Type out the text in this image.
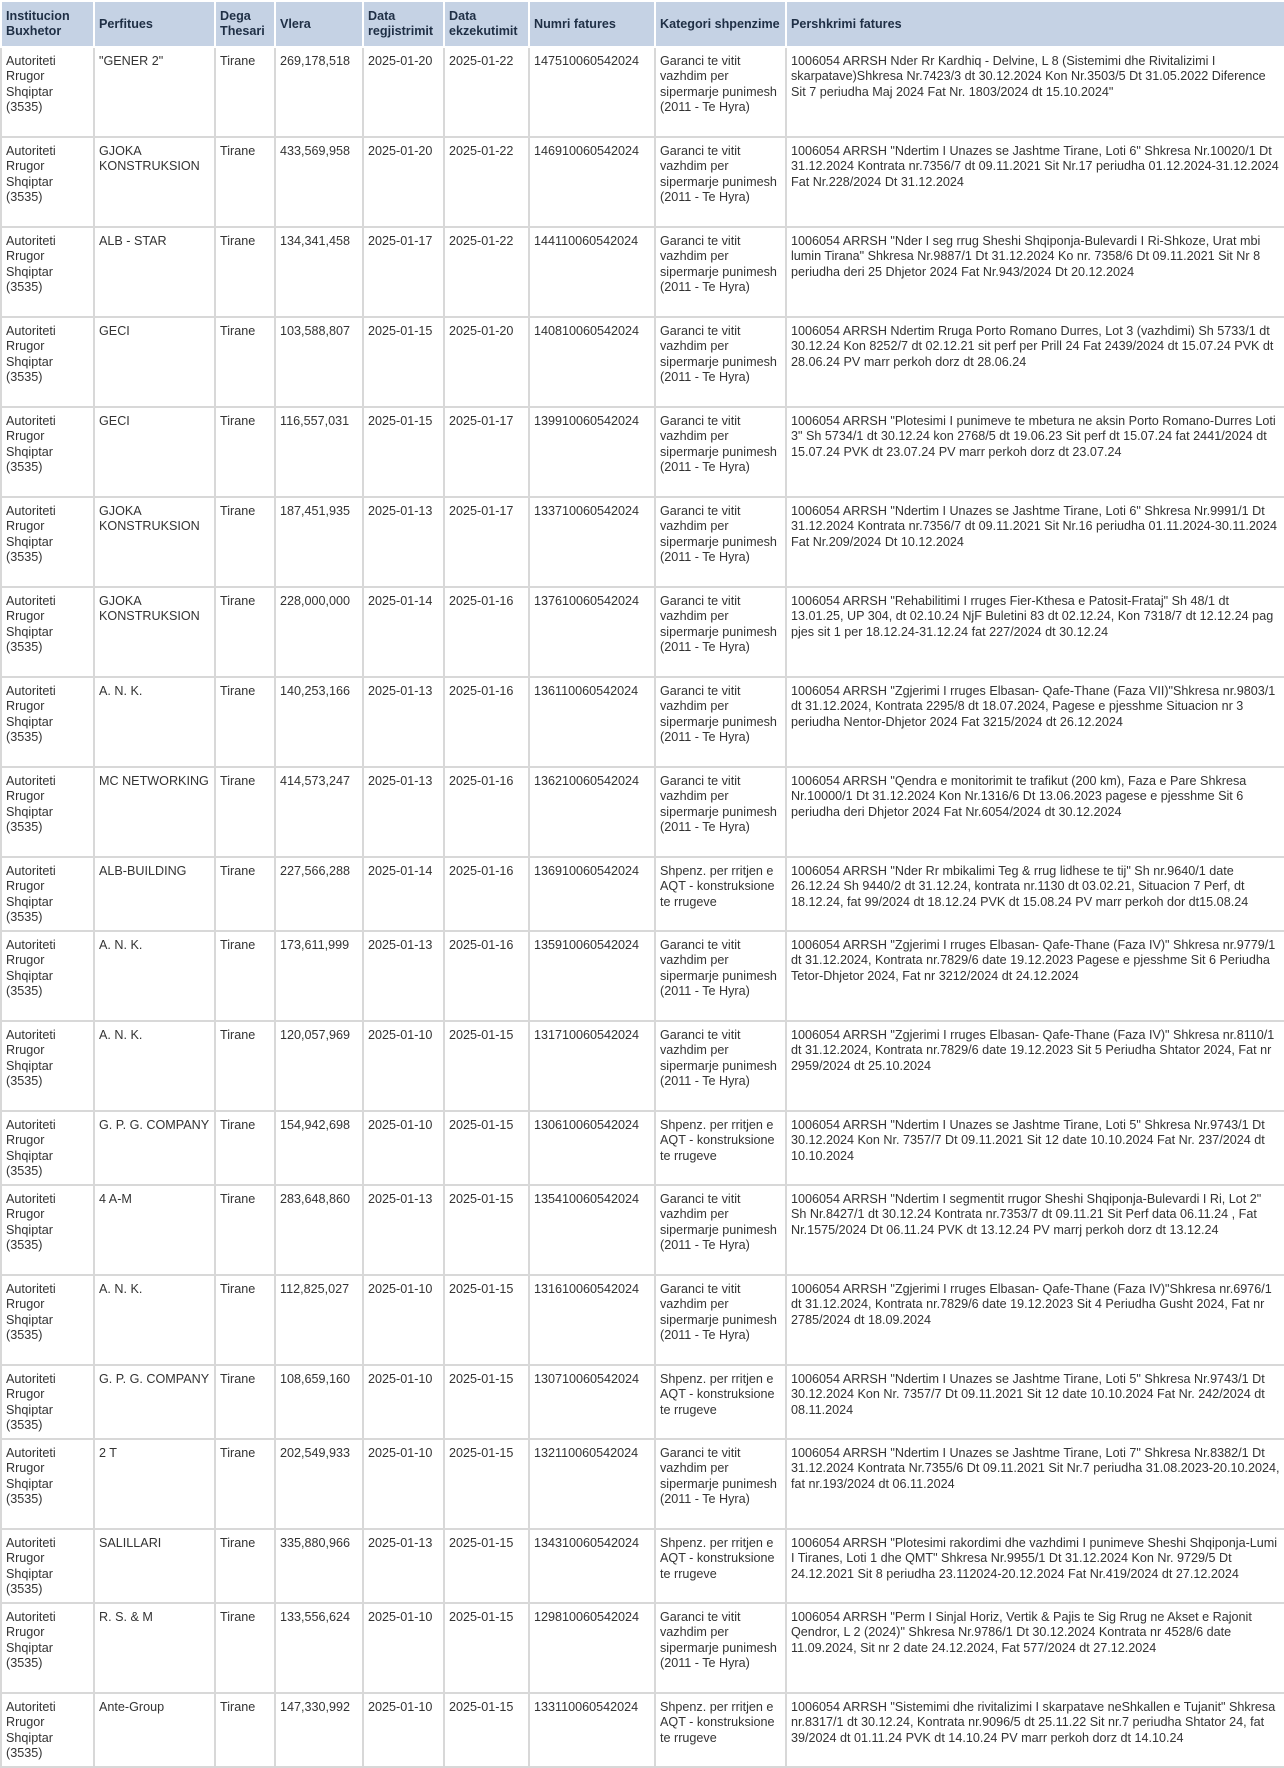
Institucion Buxhetor	Perfitues	Dega Thesari	Vlera	Data regjistrimit	Data ekzekutimit	Numri fatures	Kategori shpenzime	Pershkrimi fatures
Autoriteti Rrugor Shqiptar (3535)	"GENER 2"	Tirane	269,178,518	2025-01-20	2025-01-22	147510060542024	Garanci te vitit vazhdim per sipermarje punimesh (2011 - Te Hyra)	1006054 ARRSH Nder Rr Kardhiq - Delvine, L 8 (Sistemimi dhe Rivitalizimi I skarpatave)Shkresa Nr.7423/3 dt 30.12.2024 Kon Nr.3503/5 Dt 31.05.2022 Diference Sit 7 periudha Maj 2024 Fat Nr. 1803/2024 dt 15.10.2024"
Autoriteti Rrugor Shqiptar (3535)	GJOKA KONSTRUKSION	Tirane	433,569,958	2025-01-20	2025-01-22	146910060542024	Garanci te vitit vazhdim per sipermarje punimesh (2011 - Te Hyra)	1006054 ARRSH "Ndertim I Unazes se Jashtme Tirane, Loti 6" Shkresa Nr.10020/1 Dt 31.12.2024 Kontrata nr.7356/7 dt 09.11.2021 Sit Nr.17 periudha 01.12.2024-31.12.2024 Fat Nr.228/2024 Dt 31.12.2024
Autoriteti Rrugor Shqiptar (3535)	ALB - STAR	Tirane	134,341,458	2025-01-17	2025-01-22	144110060542024	Garanci te vitit vazhdim per sipermarje punimesh (2011 - Te Hyra)	1006054 ARRSH "Nder I seg rrug Sheshi Shqiponja-Bulevardi I Ri-Shkoze, Urat mbi lumin Tirana" Shkresa Nr.9887/1 Dt 31.12.2024 Ko nr. 7358/6 Dt 09.11.2021 Sit Nr 8 periudha deri 25 Dhjetor 2024 Fat Nr.943/2024 Dt 20.12.2024
Autoriteti Rrugor Shqiptar (3535)	GECI	Tirane	103,588,807	2025-01-15	2025-01-20	140810060542024	Garanci te vitit vazhdim per sipermarje punimesh (2011 - Te Hyra)	1006054 ARRSH Ndertim Rruga Porto Romano Durres, Lot 3 (vazhdimi) Sh 5733/1 dt 30.12.24 Kon 8252/7 dt 02.12.21 sit perf per Prill 24 Fat 2439/2024 dt 15.07.24 PVK dt 28.06.24 PV marr perkoh dorz dt 28.06.24
Autoriteti Rrugor Shqiptar (3535)	GECI	Tirane	116,557,031	2025-01-15	2025-01-17	139910060542024	Garanci te vitit vazhdim per sipermarje punimesh (2011 - Te Hyra)	1006054 ARRSH "Plotesimi I punimeve te mbetura ne aksin Porto Romano-Durres Loti 3" Sh 5734/1 dt 30.12.24 kon 2768/5 dt 19.06.23 Sit perf dt 15.07.24 fat 2441/2024 dt 15.07.24 PVK dt 23.07.24 PV marr perkoh dorz dt 23.07.24
Autoriteti Rrugor Shqiptar (3535)	GJOKA KONSTRUKSION	Tirane	187,451,935	2025-01-13	2025-01-17	133710060542024	Garanci te vitit vazhdim per sipermarje punimesh (2011 - Te Hyra)	1006054 ARRSH "Ndertim I Unazes se Jashtme Tirane, Loti 6" Shkresa Nr.9991/1 Dt 31.12.2024 Kontrata nr.7356/7 dt 09.11.2021 Sit Nr.16 periudha 01.11.2024-30.11.2024 Fat Nr.209/2024 Dt 10.12.2024
Autoriteti Rrugor Shqiptar (3535)	GJOKA KONSTRUKSION	Tirane	228,000,000	2025-01-14	2025-01-16	137610060542024	Garanci te vitit vazhdim per sipermarje punimesh (2011 - Te Hyra)	1006054 ARRSH "Rehabilitimi I rruges Fier-Kthesa e Patosit-Frataj" Sh 48/1 dt 13.01.25, UP 304, dt 02.10.24 NjF Buletini 83 dt 02.12.24, Kon 7318/7 dt 12.12.24 pag pjes sit 1 per 18.12.24-31.12.24 fat 227/2024 dt 30.12.24
Autoriteti Rrugor Shqiptar (3535)	A. N. K.	Tirane	140,253,166	2025-01-13	2025-01-16	136110060542024	Garanci te vitit vazhdim per sipermarje punimesh (2011 - Te Hyra)	1006054 ARRSH "Zgjerimi I rruges Elbasan- Qafe-Thane (Faza VII)"Shkresa nr.9803/1 dt 31.12.2024, Kontrata 2295/8 dt 18.07.2024, Pagese e pjesshme Situacion nr 3 periudha Nentor-Dhjetor 2024 Fat 3215/2024 dt 26.12.2024
Autoriteti Rrugor Shqiptar (3535)	MC NETWORKING	Tirane	414,573,247	2025-01-13	2025-01-16	136210060542024	Garanci te vitit vazhdim per sipermarje punimesh (2011 - Te Hyra)	1006054 ARRSH "Qendra e monitorimit te trafikut (200 km), Faza e Pare Shkresa Nr.10000/1 Dt 31.12.2024 Kon Nr.1316/6 Dt 13.06.2023 pagese e pjesshme Sit 6 periudha deri Dhjetor 2024 Fat Nr.6054/2024 dt 30.12.2024
Autoriteti Rrugor Shqiptar (3535)	ALB-BUILDING	Tirane	227,566,288	2025-01-14	2025-01-16	136910060542024	Shpenz. per rritjen e AQT - konstruksione te rrugeve	1006054 ARRSH "Nder Rr mbikalimi Teg & rrug lidhese te tij" Sh nr.9640/1 date 26.12.24 Sh 9440/2 dt 31.12.24, kontrata nr.1130 dt 03.02.21, Situacion 7 Perf, dt 18.12.24, fat 99/2024 dt 18.12.24 PVK dt 15.08.24 PV marr perkoh dor dt15.08.24
Autoriteti Rrugor Shqiptar (3535)	A. N. K.	Tirane	173,611,999	2025-01-13	2025-01-16	135910060542024	Garanci te vitit vazhdim per sipermarje punimesh (2011 - Te Hyra)	1006054 ARRSH "Zgjerimi I rruges Elbasan- Qafe-Thane (Faza IV)" Shkresa nr.9779/1 dt 31.12.2024, Kontrata nr.7829/6 date 19.12.2023 Pagese e pjesshme Sit 6 Periudha Tetor-Dhjetor 2024, Fat nr 3212/2024 dt 24.12.2024
Autoriteti Rrugor Shqiptar (3535)	A. N. K.	Tirane	120,057,969	2025-01-10	2025-01-15	131710060542024	Garanci te vitit vazhdim per sipermarje punimesh (2011 - Te Hyra)	1006054 ARRSH "Zgjerimi I rruges Elbasan- Qafe-Thane (Faza IV)" Shkresa nr.8110/1 dt 31.12.2024, Kontrata nr.7829/6 date 19.12.2023 Sit 5 Periudha Shtator 2024, Fat nr 2959/2024 dt 25.10.2024
Autoriteti Rrugor Shqiptar (3535)	G. P. G. COMPANY	Tirane	154,942,698	2025-01-10	2025-01-15	130610060542024	Shpenz. per rritjen e AQT - konstruksione te rrugeve	1006054 ARRSH "Ndertim I Unazes se Jashtme Tirane, Loti 5" Shkresa Nr.9743/1 Dt 30.12.2024 Kon Nr. 7357/7 Dt 09.11.2021 Sit 12 date 10.10.2024 Fat Nr. 237/2024 dt 10.10.2024
Autoriteti Rrugor Shqiptar (3535)	4 A-M	Tirane	283,648,860	2025-01-13	2025-01-15	135410060542024	Garanci te vitit vazhdim per sipermarje punimesh (2011 - Te Hyra)	1006054 ARRSH "Ndertim I segmentit rrugor Sheshi Shqiponja-Bulevardi I Ri, Lot 2" Sh Nr.8427/1 dt 30.12.24 Kontrata nr.7353/7 dt 09.11.21 Sit Perf data 06.11.24 , Fat Nr.1575/2024 Dt 06.11.24 PVK dt 13.12.24 PV marrj perkoh dorz dt 13.12.24
Autoriteti Rrugor Shqiptar (3535)	A. N. K.	Tirane	112,825,027	2025-01-10	2025-01-15	131610060542024	Garanci te vitit vazhdim per sipermarje punimesh (2011 - Te Hyra)	1006054 ARRSH "Zgjerimi I rruges Elbasan- Qafe-Thane (Faza IV)"Shkresa nr.6976/1 dt 31.12.2024, Kontrata nr.7829/6 date 19.12.2023 Sit 4 Periudha Gusht 2024, Fat nr 2785/2024 dt 18.09.2024
Autoriteti Rrugor Shqiptar (3535)	G. P. G. COMPANY	Tirane	108,659,160	2025-01-10	2025-01-15	130710060542024	Shpenz. per rritjen e AQT - konstruksione te rrugeve	1006054 ARRSH "Ndertim I Unazes se Jashtme Tirane, Loti 5" Shkresa Nr.9743/1 Dt 30.12.2024 Kon Nr. 7357/7 Dt 09.11.2021 Sit 12 date 10.10.2024 Fat Nr. 242/2024 dt 08.11.2024
Autoriteti Rrugor Shqiptar (3535)	2 T	Tirane	202,549,933	2025-01-10	2025-01-15	132110060542024	Garanci te vitit vazhdim per sipermarje punimesh (2011 - Te Hyra)	1006054 ARRSH "Ndertim I Unazes se Jashtme Tirane, Loti 7" Shkresa Nr.8382/1 Dt 31.12.2024 Kontrata Nr.7355/6 Dt 09.11.2021 Sit Nr.7 periudha 31.08.2023-20.10.2024, fat nr.193/2024 dt 06.11.2024
Autoriteti Rrugor Shqiptar (3535)	SALILLARI	Tirane	335,880,966	2025-01-13	2025-01-15	134310060542024	Shpenz. per rritjen e AQT - konstruksione te rrugeve	1006054 ARRSH "Plotesimi rakordimi dhe vazhdimi I punimeve Sheshi Shqiponja-Lumi I Tiranes, Loti 1 dhe QMT" Shkresa Nr.9955/1 Dt 31.12.2024 Kon Nr. 9729/5 Dt 24.12.2021 Sit 8 periudha 23.112024-20.12.2024 Fat Nr.419/2024 dt 27.12.2024
Autoriteti Rrugor Shqiptar (3535)	R. S. & M	Tirane	133,556,624	2025-01-10	2025-01-15	129810060542024	Garanci te vitit vazhdim per sipermarje punimesh (2011 - Te Hyra)	1006054 ARRSH "Perm I Sinjal Horiz, Vertik & Pajis te Sig Rrug ne Akset e Rajonit Qendror, L 2 (2024)" Shkresa Nr.9786/1 Dt 30.12.2024 Kontrata nr 4528/6 date 11.09.2024, Sit nr 2 date 24.12.2024, Fat 577/2024 dt 27.12.2024
Autoriteti Rrugor Shqiptar (3535)	Ante-Group	Tirane	147,330,992	2025-01-10	2025-01-15	133110060542024	Shpenz. per rritjen e AQT - konstruksione te rrugeve	1006054 ARRSH "Sistemimi dhe rivitalizimi I skarpatave neShkallen e Tujanit" Shkresa nr.8317/1 dt 30.12.24, Kontrata nr.9096/5 dt 25.11.22 Sit nr.7 periudha Shtator 24, fat 39/2024 dt 01.11.24 PVK dt 14.10.24 PV marr perkoh dorz dt 14.10.24
